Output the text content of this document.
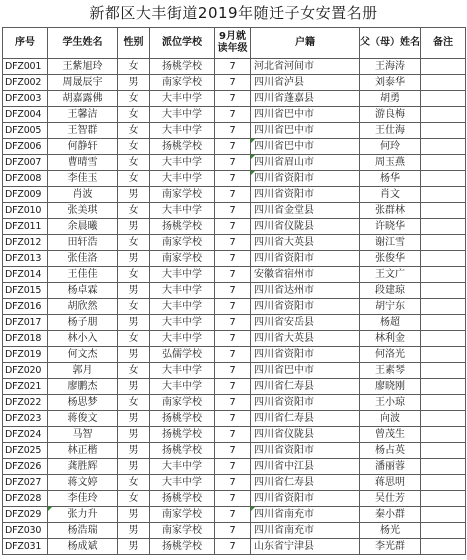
新都区大丰街道2019年随迁子女安置名册
序号	学生姓名	性别	派位学校	9月就读年级	户籍	父（母）姓名	备注
DFZ001	王紫旭玲	女	扬桃学校	7	河北省河间市	王海涛	
DFZ002	周晟辰宇	男	南家学校	7	四川省泸县	刘泰华	
DFZ003	胡嘉露佛	女	大丰中学	7	四川省蓬嘉县	胡勇	
DFZ004	王馨洁	女	大丰中学	7	四川省巴中市	游良梅	
DFZ005	王智群	女	大丰中学	7	四川省巴中市	王仕海	
DFZ006	何静轩	女	扬桃学校	7	四川省巴中市	何玲	
DFZ007	曹晴雪	女	大丰中学	7	四川省眉山市	周玉燕	
DFZ008	李佳玉	女	大丰中学	7	四川省资阳市	杨华	
DFZ009	肖波	男	南家学校	7	四川省资阳市	肖文	
DFZ010	张美琪	女	大丰中学	7	四川省金堂县	张群林	
DFZ011	余晨曦	男	扬桃学校	7	四川省仪陇县	许晓华	
DFZ012	田轩浩	女	南家学校	7	四川省大英县	谢江雪	
DFZ013	张佳洛	男	南家学校	7	四川省资阳市	张俊华	
DFZ014	王佳佳	女	大丰中学	7	安徽省宿州市	王文广	
DFZ015	杨卓霖	男	大丰中学	7	四川省达州市	段建琼	
DFZ016	胡欣然	女	大丰中学	7	四川省资阳市	胡宁东	
DFZ017	杨子朋	男	大丰中学	7	四川省安岳县	杨超	
DFZ018	林小入	女	大丰中学	7	四川省大英县	林利金	
DFZ019	何文杰	男	弘儒学校	7	四川省资阳市	何洛光	
DFZ020	郭月	女	大丰中学	7	四川省巴中市	王素琴	
DFZ021	廖鹏杰	男	大丰中学	7	四川省仁寿县	廖晓刚	
DFZ022	杨思梦	女	南家学校	7	四川省资阳市	王小琼	
DFZ023	蒋俊文	男	扬桃学校	7	四川省仁寿县	向波	
DFZ024	马智	男	扬桃学校	7	四川省仪陇县	曾茂生	
DFZ025	林正楷	男	扬桃学校	7	四川省资阳市	杨占英	
DFZ026	龚胜辉	男	大丰中学	7	四川省中江县	潘丽蓉	
DFZ027	蒋文婷	女	大丰中学	7	四川省仁寿县	蒋思明	
DFZ028	李佳玲	女	扬桃学校	7	四川省资阳市	吴仕芳	
DFZ029	张力升	男	南家学校	7	四川省南充市	秦小群	
DFZ030	杨浩瑞	男	南家学校	7	四川省南充市	杨光	
DFZ031	杨成斌	男	扬桃学校	7	山东省宁津县	李光群	
